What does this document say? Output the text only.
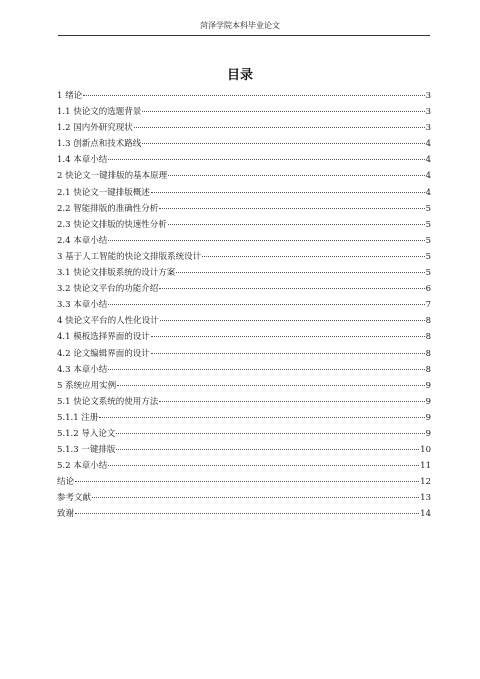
菏泽学院本科毕业论文
目录
1 绪论	3
1.1 快论文的选题背景	3
1.2 国内外研究现状	3
1.3 创新点和技术路线	4
1.4 本章小结	4
2 快论文一键排版的基本原理	4
2.1 快论文一键排版概述	4
2.2 智能排版的准确性分析	5
2.3 快论文排版的快速性分析	5
2.4 本章小结	5
3 基于人工智能的快论文排版系统设计	5
3.1 快论文排版系统的设计方案	5
3.2 快论文平台的功能介绍	6
3.3 本章小结	7
4 快论文平台的人性化设计	8
4.1 模板选择界面的设计	8
4.2 论文编辑界面的设计	8
4.3 本章小结	8
5 系统应用实例	9
5.1 快论文系统的使用方法	9
5.1.1 注册	9
5.1.2 导入论文	9
5.1.3 一键排版	10
5.2 本章小结	11
结论	12
参考文献	13
致谢	14
